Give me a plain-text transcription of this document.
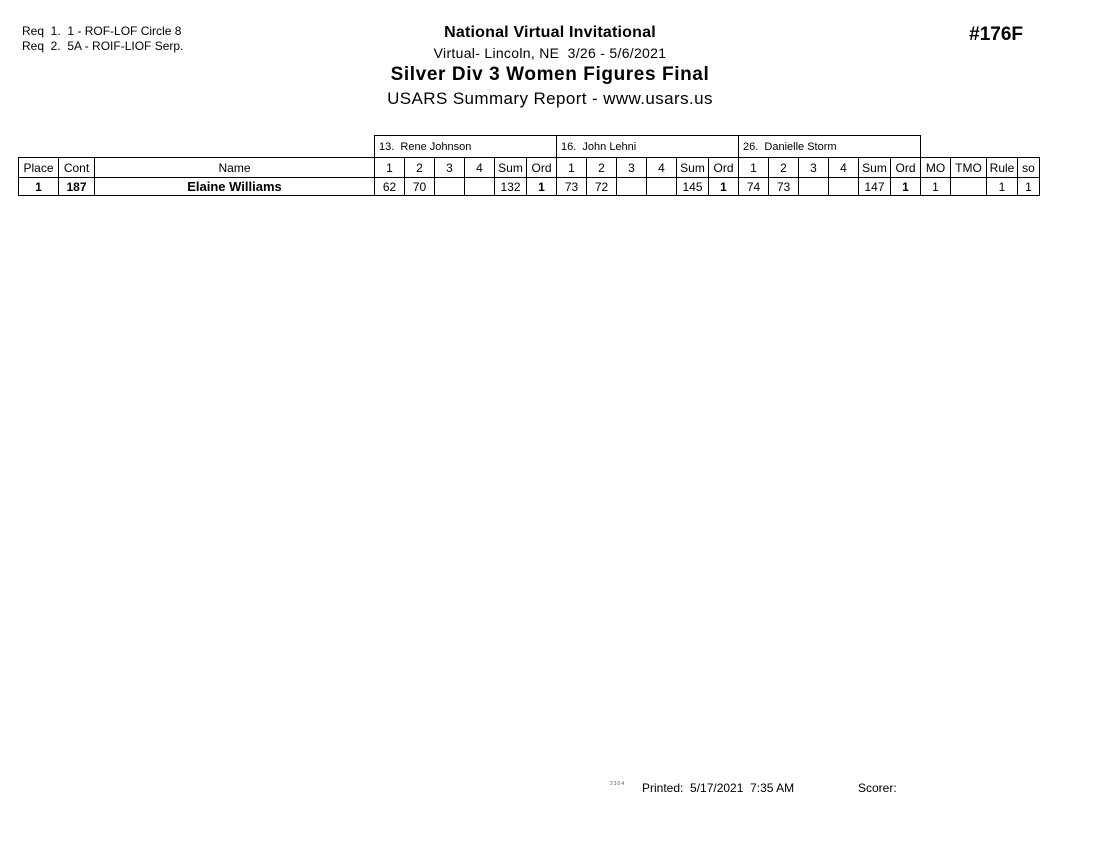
Req  1.  1 - ROF-LOF Circle 8
Req  2.  5A - ROIF-LIOF Serp.
National Virtual Invitational
Virtual- Lincoln, NE  3/26 - 5/6/2021
Silver Div 3 Women Figures Final
USARS Summary Report - www.usars.us
#176F
			13.  Rene Johnson						16.  John Lehni						26.  Danielle Storm									
Place	Cont	Name	1	2	3	4	Sum	Ord	1	2	3	4	Sum	Ord	1	2	3	4	Sum	Ord	MO	TMO	Rule	so
1	187	Elaine Williams	62	70			132	1	73	72			145	1	74	73			147	1	1		1	1
2304 Printed:  5/17/2021  7:35 AM	Scorer:
